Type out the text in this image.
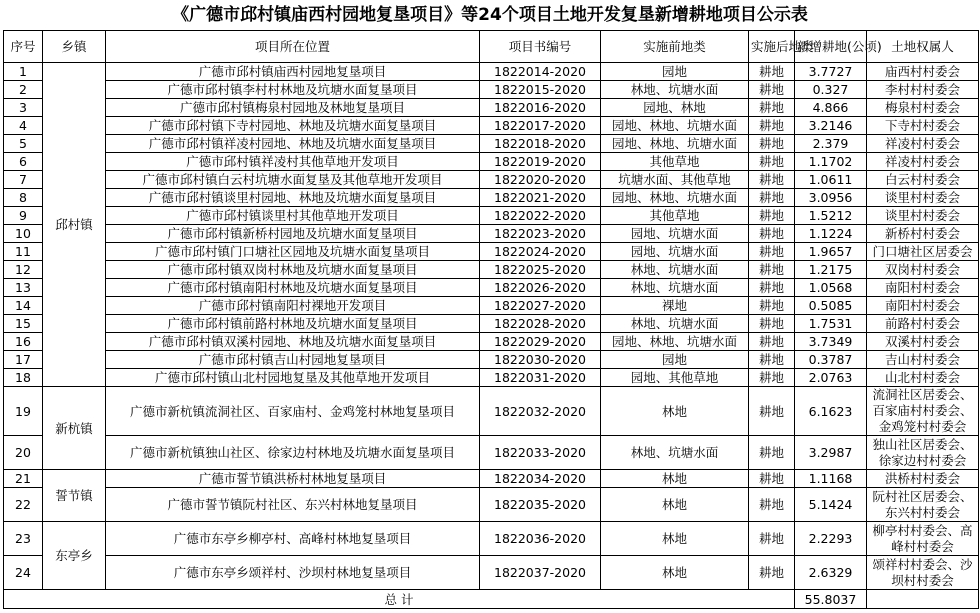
《广德市邱村镇庙西村园地复垦项目》等24个项目土地开发复垦新增耕地项目公示表
序号	乡镇	项目所在位置	项目书编号	实施前地类	实施后地类	新增耕地(公顷)	土地权属人
1	邱村镇	广德市邱村镇庙西村园地复垦项目	1822014-2020	园地	耕地	3.7727	庙西村村委会
2		广德市邱村镇李村村林地及坑塘水面复垦项目	1822015-2020	林地、坑塘水面	耕地	0.327	李村村村委会
3		广德市邱村镇梅泉村园地及林地复垦项目	1822016-2020	园地、林地	耕地	4.866	梅泉村村委会
4		广德市邱村镇下寺村园地、林地及坑塘水面复垦项目	1822017-2020	园地、林地、坑塘水面	耕地	3.2146	下寺村村委会
5		广德市邱村镇祥凌村园地、林地及坑塘水面复垦项目	1822018-2020	园地、林地、坑塘水面	耕地	2.379	祥凌村村委会
6		广德市邱村镇祥凌村其他草地开发项目	1822019-2020	其他草地	耕地	1.1702	祥凌村村委会
7		广德市邱村镇白云村坑塘水面复垦及其他草地开发项目	1822020-2020	坑塘水面、其他草地	耕地	1.0611	白云村村委会
8		广德市邱村镇谈里村园地、林地及坑塘水面复垦项目	1822021-2020	园地、林地、坑塘水面	耕地	3.0956	谈里村村委会
9		广德市邱村镇谈里村其他草地开发项目	1822022-2020	其他草地	耕地	1.5212	谈里村村委会
10		广德市邱村镇新桥村园地及坑塘水面复垦项目	1822023-2020	园地、坑塘水面	耕地	1.1224	新桥村村委会
11		广德市邱村镇门口塘社区园地及坑塘水面复垦项目	1822024-2020	园地、坑塘水面	耕地	1.9657	门口塘社区居委会
12		广德市邱村镇双岗村林地及坑塘水面复垦项目	1822025-2020	林地、坑塘水面	耕地	1.2175	双岗村村委会
13		广德市邱村镇南阳村林地及坑塘水面复垦项目	1822026-2020	林地、坑塘水面	耕地	1.0568	南阳村村委会
14		广德市邱村镇南阳村裸地开发项目	1822027-2020	裸地	耕地	0.5085	南阳村村委会
15		广德市邱村镇前路村林地及坑塘水面复垦项目	1822028-2020	林地、坑塘水面	耕地	1.7531	前路村村委会
16		广德市邱村镇双溪村园地、林地及坑塘水面复垦项目	1822029-2020	园地、林地、坑塘水面	耕地	3.7349	双溪村村委会
17		广德市邱村镇吉山村园地复垦项目	1822030-2020	园地	耕地	0.3787	吉山村村委会
18		广德市邱村镇山北村园地复垦及其他草地开发项目	1822031-2020	园地、其他草地	耕地	2.0763	山北村村委会
19	新杭镇	广德市新杭镇流洞社区、百家庙村、金鸡笼村林地复垦项目	1822032-2020	林地	耕地	6.1623	流洞社区居委会、百家庙村村委会、金鸡笼村村委会
20		广德市新杭镇独山社区、徐家边村林地及坑塘水面复垦项目	1822033-2020	林地、坑塘水面	耕地	3.2987	独山社区居委会、徐家边村村委会
21	誓节镇	广德市誓节镇洪桥村林地复垦项目	1822034-2020	林地	耕地	1.1168	洪桥村村委会
22		广德市誓节镇阮村社区、东兴村林地复垦项目	1822035-2020	林地	耕地	5.1424	阮村社区居委会、东兴村村委会
23	东亭乡	广德市东亭乡柳亭村、高峰村林地复垦项目	1822036-2020	林地	耕地	2.2293	柳亭村村委会、高峰村村委会
24		广德市东亭乡颂祥村、沙坝村林地复垦项目	1822037-2020	林地	耕地	2.6329	颂祥村村委会、沙坝村村委会
总 计						55.8037	
